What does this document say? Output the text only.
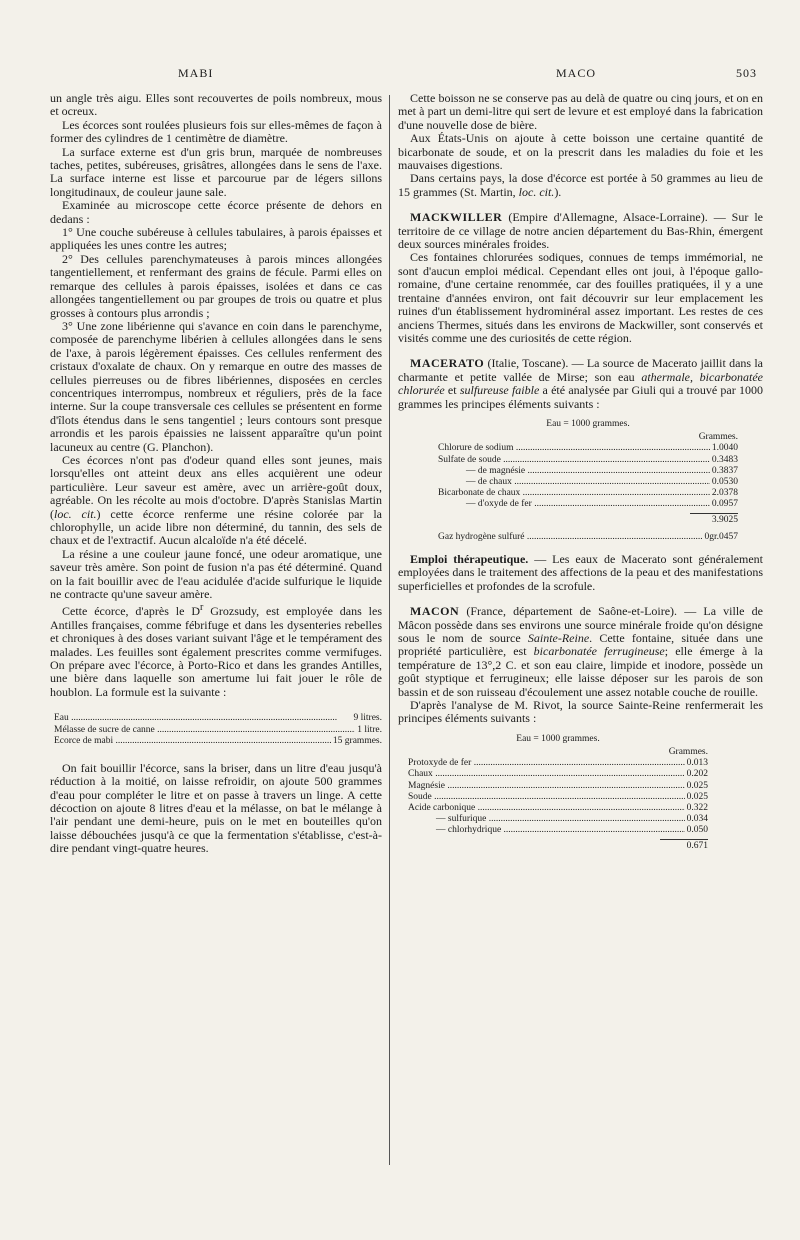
MABI	MACO	503

un angle très aigu. Elles sont recouvertes de poils nombreux, mous et ocreux.

Les écorces sont roulées plusieurs fois sur elles-mêmes de façon à former des cylindres de 1 centimètre de diamètre.

La surface externe est d'un gris brun, marquée de nombreuses taches, petites, subéreuses, grisâtres, allongées dans le sens de l'axe. La surface interne est lisse et parcourue par de légers sillons longitudinaux, de couleur jaune sale.

Examinée au microscope cette écorce présente de dehors en dedans :

1° Une couche subéreuse à cellules tabulaires, à parois épaisses et appliquées les unes contre les autres;

2° Des cellules parenchymateuses à parois minces allongées tangentiellement, et renfermant des grains de fécule. Parmi elles on remarque des cellules à parois épaisses, isolées et dans ce cas allongées tangentiellement ou par groupes de trois ou quatre et plus grosses à contours plus arrondis ;

3° Une zone libérienne qui s'avance en coin dans le parenchyme, composée de parenchyme libérien à cellules allongées dans le sens de l'axe, à parois légèrement épaisses. Ces cellules renferment des cristaux d'oxalate de chaux. On y remarque en outre des masses de cellules pierreuses ou de fibres libériennes, disposées en cercles concentriques interrompus, nombreux et réguliers, près de la face interne. Sur la coupe transversale ces cellules se présentent en forme d'îlots étendus dans le sens tangentiel ; leurs contours sont presque arrondis et les parois épaissies ne laissent apparaître qu'un point lacuneux au centre (G. Planchon).

Ces écorces n'ont pas d'odeur quand elles sont jeunes, mais lorsqu'elles ont atteint deux ans elles acquièrent une odeur particulière. Leur saveur est amère, avec un arrière-goût doux, agréable. On les récolte au mois d'octobre. D'après Stanislas Martin (loc. cit.) cette écorce renferme une résine colorée par la chlorophylle, un acide libre non déterminé, du tannin, des sels de chaux et de l'extractif. Aucun alcaloïde n'a été décelé.

La résine a une couleur jaune foncé, une odeur aromatique, une saveur très amère. Son point de fusion n'a pas été déterminé. Quand on la fait bouillir avec de l'eau acidulée d'acide sulfurique le liquide ne contracte qu'une saveur amère.

Cette écorce, d'après le $D^r$ Grozsudy, est employée dans les Antilles françaises, comme fébrifuge et dans les dysenteries rebelles et chroniques à des doses variant suivant l'âge et le tempérament des malades. Les feuilles sont également prescrites comme vermifuges. On prépare avec l'écorce, à Porto-Rico et dans les grandes Antilles, une bière dans laquelle son amertume lui fait jouer le rôle de houblon. La formule est la suivante :

Eau .....	9 litres.
Mélasse de sucre de canne .....	1 litre.
Écorce de mabi .....	15 grammes.

On fait bouillir l'écorce, sans la briser, dans un litre d'eau jusqu'à réduction à la moitié, on laisse refroidir, on ajoute 500 grammes d'eau pour compléter le litre et on passe à travers un linge. A cette décoction on ajoute 8 litres d'eau et la mélasse, on bat le mélange à l'air pendant une demi-heure, puis on le met en bouteilles qu'on laisse débouchées jusqu'à ce que la fermentation s'établisse, c'est-à-dire pendant vingt-quatre heures.

Cette boisson ne se conserve pas au delà de quatre ou cinq jours, et on en met à part un demi-litre qui sert de levure et est employé dans la fabrication d'une nouvelle dose de bière.

Aux États-Unis on ajoute à cette boisson une certaine quantité de bicarbonate de soude, et on la prescrit dans les maladies du foie et les mauvaises digestions.

Dans certains pays, la dose d'écorce est portée à 50 grammes au lieu de 15 grammes (St. Martin, loc. cit.).

MACKWILLER (Empire d'Allemagne, Alsace-Lorraine). — Sur le territoire de ce village de notre ancien département du Bas-Rhin, émergent deux sources minérales froides.

Ces fontaines chlorurées sodiques, connues de temps immémorial, ne sont d'aucun emploi médical. Cependant elles ont joui, à l'époque gallo-romaine, d'une certaine renommée, car des fouilles pratiquées, il y a une trentaine d'années environ, ont fait découvrir sur leur emplacement les ruines d'un établissement hydrominéral assez important. Les restes de ces anciens Thermes, situés dans les environs de Mackwiller, sont conservés et visités comme une des curiosités de cette région.

MACERATO (Italie, Toscane). — La source de Macerato jaillit dans la charmante et petite vallée de Mirse; son eau athermale, bicarbonatée chlorurée et sulfureuse faible a été analysée par Giuli qui a trouvé par 1000 grammes les principes éléments suivants :

Eau = 1000 grammes.
Grammes.
Chlorure de sodium .....	1.0040
Sulfate de soude .....	0.3483
— de magnésie .....	0.3837
— de chaux .....	0.0530
Bicarbonate de chaux .....	2.0378
— d'oxyde de fer .....	0.0957
3.9025
Gaz hydrogène sulfuré .....	0gr.0457

Emploi thérapeutique. — Les eaux de Macerato sont généralement employées dans le traitement des affections de la peau et des manifestations superficielles et profondes de la scrofule.

MACON (France, département de Saône-et-Loire). — La ville de Mâcon possède dans ses environs une source minérale froide qu'on désigne sous le nom de source Sainte-Reine. Cette fontaine, située dans une propriété particulière, est bicarbonatée ferrugineuse; elle émerge à la température de 13°,2 C. et son eau claire, limpide et inodore, possède un goût styptique et ferrugineux; elle laisse déposer sur les parois de son bassin et de son ruisseau d'écoulement une assez notable couche de rouille.

D'après l'analyse de M. Rivot, la source Sainte-Reine renfermerait les principes éléments suivants :

Eau = 1000 grammes.
Grammes.
Protoxyde de fer .....	0.013
Chaux .....	0.202
Magnésie .....	0.025
Soude .....	0.025
Acide carbonique .....	0.322
— sulfurique .....	0.034
— chlorhydrique .....	0.050
0.671
